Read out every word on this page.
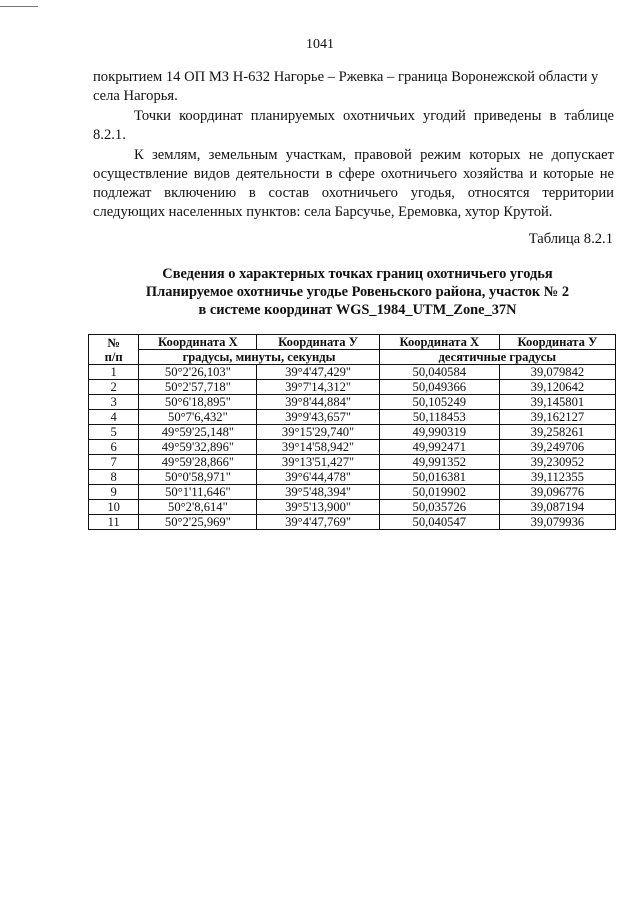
1041
покрытием 14 ОП МЗ Н-632 Нагорье – Ржевка – граница Воронежской области у села Нагорья.
Точки координат планируемых охотничьих угодий приведены в таблице 8.2.1.
К землям, земельным участкам, правовой режим которых не допускает осуществление видов деятельности в сфере охотничьего хозяйства и которые не подлежат включению в состав охотничьего угодья, относятся территории следующих населенных пунктов: села Барсучье, Еремовка, хутор Крутой.
Таблица 8.2.1
Сведения о характерных точках границ охотничьего угодья
Планируемое охотничье угодье Ровеньского района, участок № 2
в системе координат WGS_1984_UTM_Zone_37N
№
п/п	Координата X	Координата У	Координата X	Координата У
	градусы, минуты, секунды		десятичные градусы	
1	50°2'26,103"	39°4'47,429"	50,040584	39,079842
2	50°2'57,718"	39°7'14,312"	50,049366	39,120642
3	50°6'18,895"	39°8'44,884"	50,105249	39,145801
4	50°7'6,432"	39°9'43,657"	50,118453	39,162127
5	49°59'25,148"	39°15'29,740"	49,990319	39,258261
6	49°59'32,896"	39°14'58,942"	49,992471	39,249706
7	49°59'28,866"	39°13'51,427"	49,991352	39,230952
8	50°0'58,971"	39°6'44,478"	50,016381	39,112355
9	50°1'11,646"	39°5'48,394"	50,019902	39,096776
10	50°2'8,614"	39°5'13,900"	50,035726	39,087194
11	50°2'25,969"	39°4'47,769"	50,040547	39,079936
